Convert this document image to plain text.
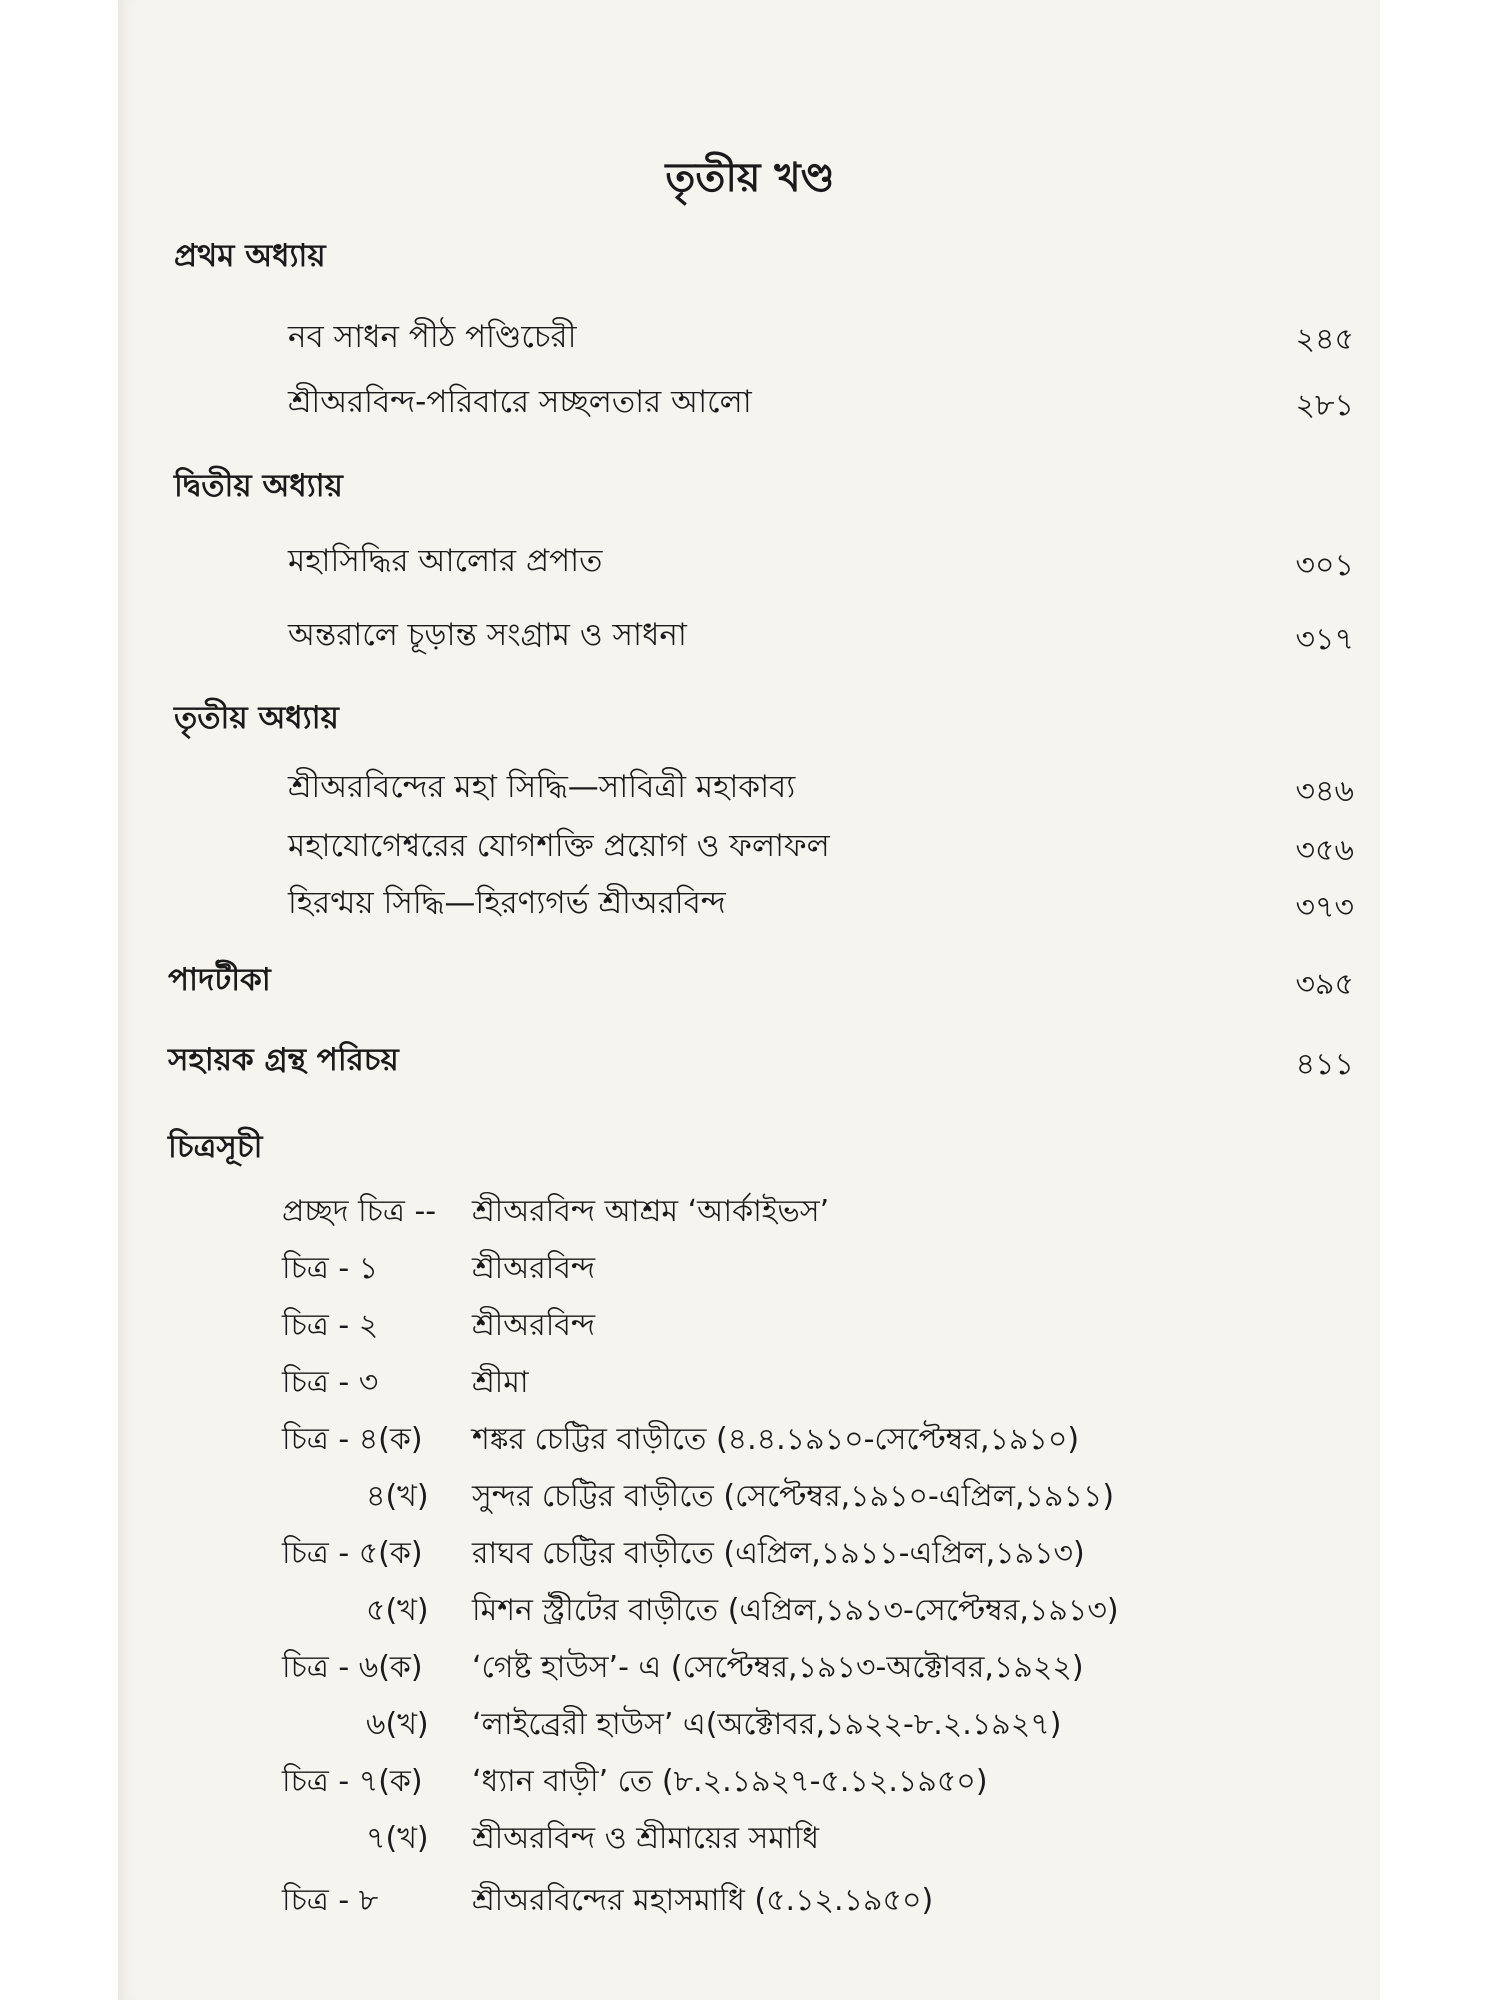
তৃতীয় খণ্ড
প্রথম অধ্যায়
নব সাধন পীঠ পণ্ডিচেরী	২৪৫
শ্রীঅরবিন্দ-পরিবারে সচ্ছলতার আলো	২৮১
দ্বিতীয় অধ্যায়
মহাসিদ্ধির আলোর প্রপাত	৩০১
অন্তরালে চূড়ান্ত সংগ্রাম ও সাধনা	৩১৭
তৃতীয় অধ্যায়
শ্রীঅরবিন্দের মহা সিদ্ধি—সাবিত্রী মহাকাব্য	৩৪৬
মহাযোগেশ্বরের যোগশক্তি প্রয়োগ ও ফলাফল	৩৫৬
হিরণ্ময় সিদ্ধি—হিরণ্যগর্ভ শ্রীঅরবিন্দ	৩৭৩
পাদটীকা	৩৯৫
সহায়ক গ্রন্থ পরিচয়	৪১১
চিত্রসূচী
প্রচ্ছদ চিত্র -- শ্রীঅরবিন্দ আশ্রম ‘আর্কাইভস’
চিত্র - ১	শ্রীঅরবিন্দ
চিত্র - ২	শ্রীঅরবিন্দ
চিত্র - ৩	শ্রীমা
চিত্র - ৪(ক) শঙ্কর চেট্টির বাড়ীতে (৪.৪.১৯১০-সেপ্টেম্বর,১৯১০)
৪(খ) সুন্দর চেট্টির বাড়ীতে (সেপ্টেম্বর,১৯১০-এপ্রিল,১৯১১)
চিত্র - ৫(ক) রাঘব চেট্টির বাড়ীতে (এপ্রিল,১৯১১-এপ্রিল,১৯১৩)
৫(খ) মিশন স্ট্রীটের বাড়ীতে (এপ্রিল,১৯১৩-সেপ্টেম্বর,১৯১৩)
চিত্র - ৬(ক) ‘গেষ্ট হাউস’- এ (সেপ্টেম্বর,১৯১৩-অক্টোবর,১৯২২)
৬(খ) ‘লাইব্রেরী হাউস’ এ(অক্টোবর,১৯২২-৮.২.১৯২৭)
চিত্র - ৭(ক) ‘ধ্যান বাড়ী’ তে (৮.২.১৯২৭-৫.১২.১৯৫০)
৭(খ) শ্রীঅরবিন্দ ও শ্রীমায়ের সমাধি
চিত্র - ৮	শ্রীঅরবিন্দের মহাসমাধি (৫.১২.১৯৫০)
